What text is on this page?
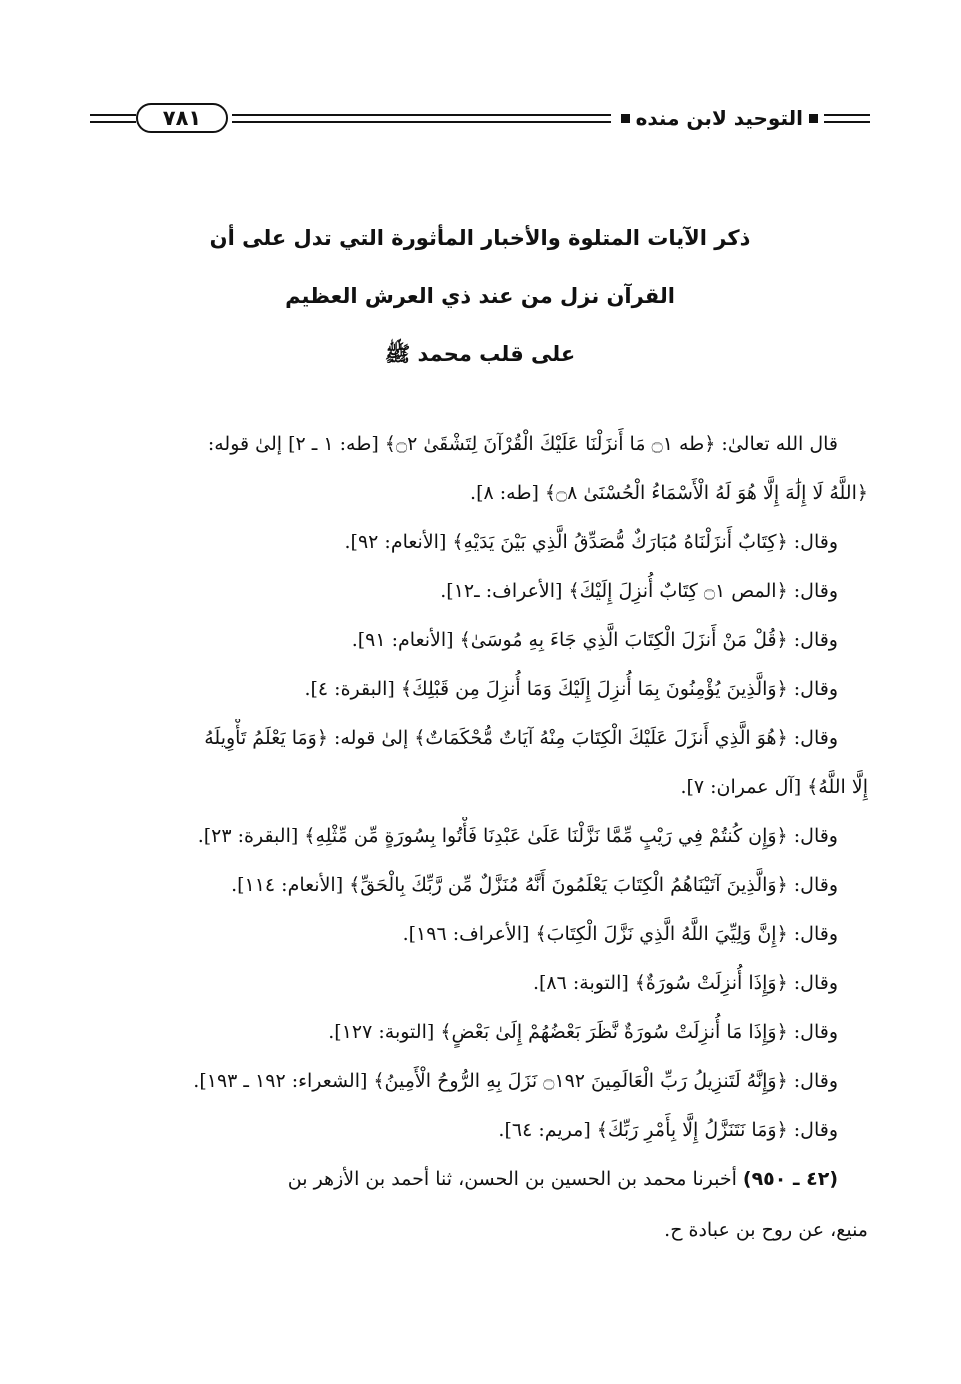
التوحيد لابن منده
٧٨١
ذكر الآيات المتلوة والأخبار المأثورة التي تدل على أن
القرآن نزل من عند ذي العرش العظيم
على قلب محمد ﷺ
قال الله تعالىٰ: ﴿طه ۝١ مَا أَنزَلْنَا عَلَيْكَ الْقُرْآنَ لِتَشْقَىٰ ۝٢﴾ [طه: ١ ـ ٢] إلىٰ قوله:
﴿اللَّهُ لَا إِلَٰهَ إِلَّا هُوَ لَهُ الْأَسْمَاءُ الْحُسْنَىٰ ۝٨﴾ [طه: ٨].
وقال: ﴿كِتَابٌ أَنزَلْنَاهُ مُبَارَكٌ مُّصَدِّقُ الَّذِي بَيْنَ يَدَيْهِ﴾ [الأنعام: ٩٢].
وقال: ﴿المص ۝١ كِتَابٌ أُنزِلَ إِلَيْكَ﴾ [الأعراف: ـ١٢].
وقال: ﴿قُلْ مَنْ أَنزَلَ الْكِتَابَ الَّذِي جَاءَ بِهِ مُوسَىٰ﴾ [الأنعام: ٩١].
وقال: ﴿وَالَّذِينَ يُؤْمِنُونَ بِمَا أُنزِلَ إِلَيْكَ وَمَا أُنزِلَ مِن قَبْلِكَ﴾ [البقرة: ٤].
وقال: ﴿هُوَ الَّذِي أَنزَلَ عَلَيْكَ الْكِتَابَ مِنْهُ آيَاتٌ مُّحْكَمَاتٌ﴾ إلىٰ قوله: ﴿وَمَا يَعْلَمُ تَأْوِيلَهُ
إِلَّا اللَّهُ﴾ [آل عمران: ٧].
وقال: ﴿وَإِن كُنتُمْ فِي رَيْبٍ مِّمَّا نَزَّلْنَا عَلَىٰ عَبْدِنَا فَأْتُوا بِسُورَةٍ مِّن مِّثْلِهِ﴾ [البقرة: ٢٣].
وقال: ﴿وَالَّذِينَ آتَيْنَاهُمُ الْكِتَابَ يَعْلَمُونَ أَنَّهُ مُنَزَّلٌ مِّن رَّبِّكَ بِالْحَقِّ﴾ [الأنعام: ١١٤].
وقال: ﴿إِنَّ وَلِيِّيَ اللَّهُ الَّذِي نَزَّلَ الْكِتَابَ﴾ [الأعراف: ١٩٦].
وقال: ﴿وَإِذَا أُنزِلَتْ سُورَةٌ﴾ [التوبة: ٨٦].
وقال: ﴿وَإِذَا مَا أُنزِلَتْ سُورَةٌ نَّظَرَ بَعْضُهُمْ إِلَىٰ بَعْضٍ﴾ [التوبة: ١٢٧].
وقال: ﴿وَإِنَّهُ لَتَنزِيلُ رَبِّ الْعَالَمِينَ ۝١٩٢ نَزَلَ بِهِ الرُّوحُ الْأَمِينُ﴾ [الشعراء: ١٩٢ ـ ١٩٣].
وقال: ﴿وَمَا نَتَنَزَّلُ إِلَّا بِأَمْرِ رَبِّكَ﴾ [مريم: ٦٤].
(٤٢ ـ ٩٥٠) أخبرنا محمد بن الحسين بن الحسن، ثنا أحمد بن الأزهر بن
منيع، عن روح بن عبادة ح.
